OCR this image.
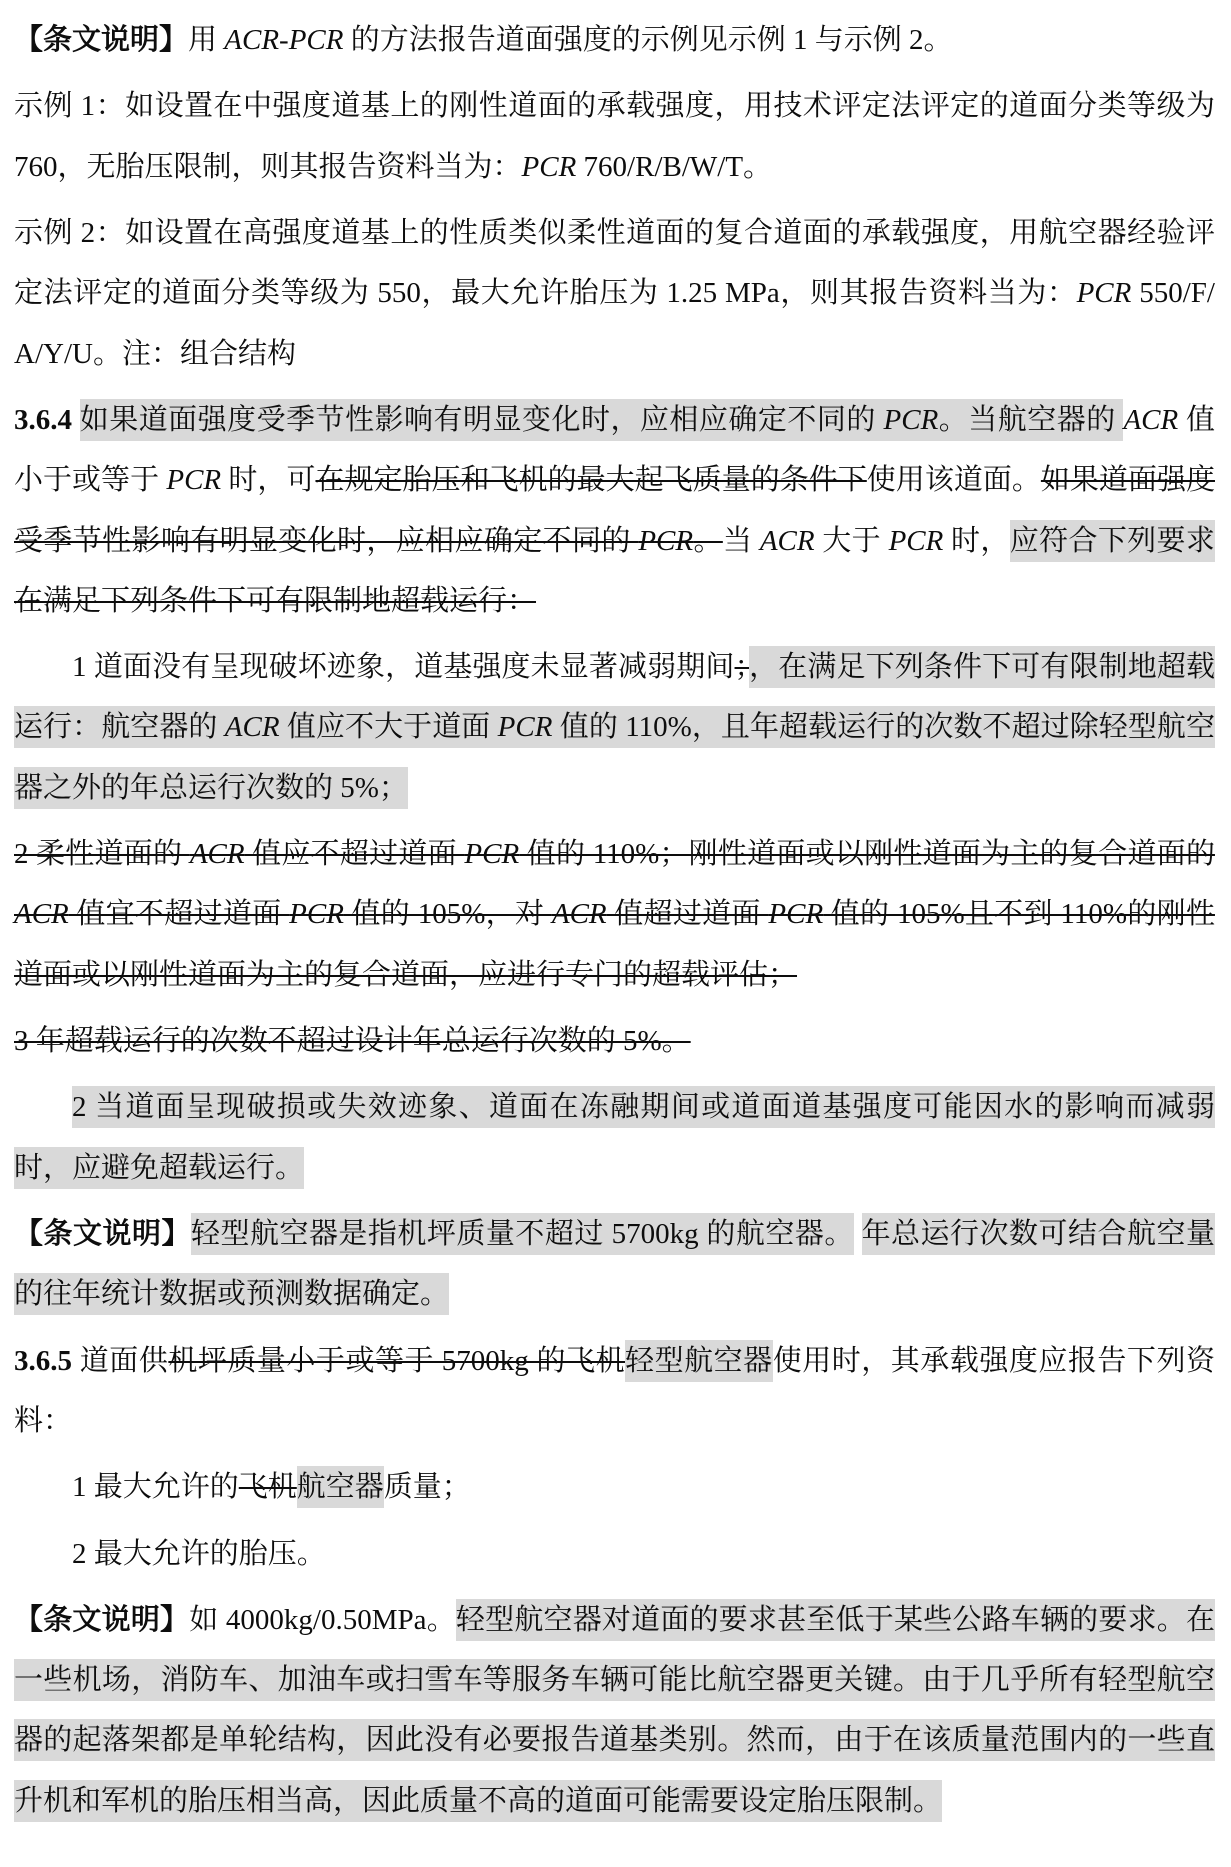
【条文说明】用 ACR-PCR 的方法报告道面强度的示例见示例 1 与示例 2。

示例 1：如设置在中强度道基上的刚性道面的承载强度，用技术评定法评定的道面分类等级为 760，无胎压限制，则其报告资料当为：PCR 760/R/B/W/T。

示例 2：如设置在高强度道基上的性质类似柔性道面的复合道面的承载强度，用航空器经验评定法评定的道面分类等级为 550，最大允许胎压为 1.25 MPa，则其报告资料当为：PCR 550/F/A/Y/U。注：组合结构

3.6.4 如果道面强度受季节性影响有明显变化时，应相应确定不同的 PCR。当航空器的 ACR 值小于或等于 PCR 时，可在规定胎压和飞机的最大起飞质量的条件下使用该道面。如果道面强度受季节性影响有明显变化时，应相应确定不同的 PCR。当 ACR 大于 PCR 时，应符合下列要求在满足下列条件下可有限制地超载运行：

1 道面没有呈现破坏迹象，道基强度未显著减弱期间；，在满足下列条件下可有限制地超载运行：航空器的 ACR 值应不大于道面 PCR 值的 110%，且年超载运行的次数不超过除轻型航空器之外的年总运行次数的 5%；

2 柔性道面的 ACR 值应不超过道面 PCR 值的 110%；刚性道面或以刚性道面为主的复合道面的 ACR 值宜不超过道面 PCR 值的 105%，对 ACR 值超过道面 PCR 值的 105%且不到 110%的刚性道面或以刚性道面为主的复合道面，应进行专门的超载评估；

3 年超载运行的次数不超过设计年总运行次数的 5%。

2 当道面呈现破损或失效迹象、道面在冻融期间或道面道基强度可能因水的影响而减弱时，应避免超载运行。

【条文说明】轻型航空器是指机坪质量不超过 5700kg 的航空器。 年总运行次数可结合航空量的往年统计数据或预测数据确定。

3.6.5 道面供机坪质量小于或等于 5700kg 的飞机轻型航空器使用时，其承载强度应报告下列资料：

1 最大允许的飞机航空器质量；

2 最大允许的胎压。

【条文说明】如 4000kg/0.50MPa。轻型航空器对道面的要求甚至低于某些公路车辆的要求。在一些机场，消防车、加油车或扫雪车等服务车辆可能比航空器更关键。由于几乎所有轻型航空器的起落架都是单轮结构，因此没有必要报告道基类别。然而，由于在该质量范围内的一些直升机和军机的胎压相当高，因此质量不高的道面可能需要设定胎压限制。
